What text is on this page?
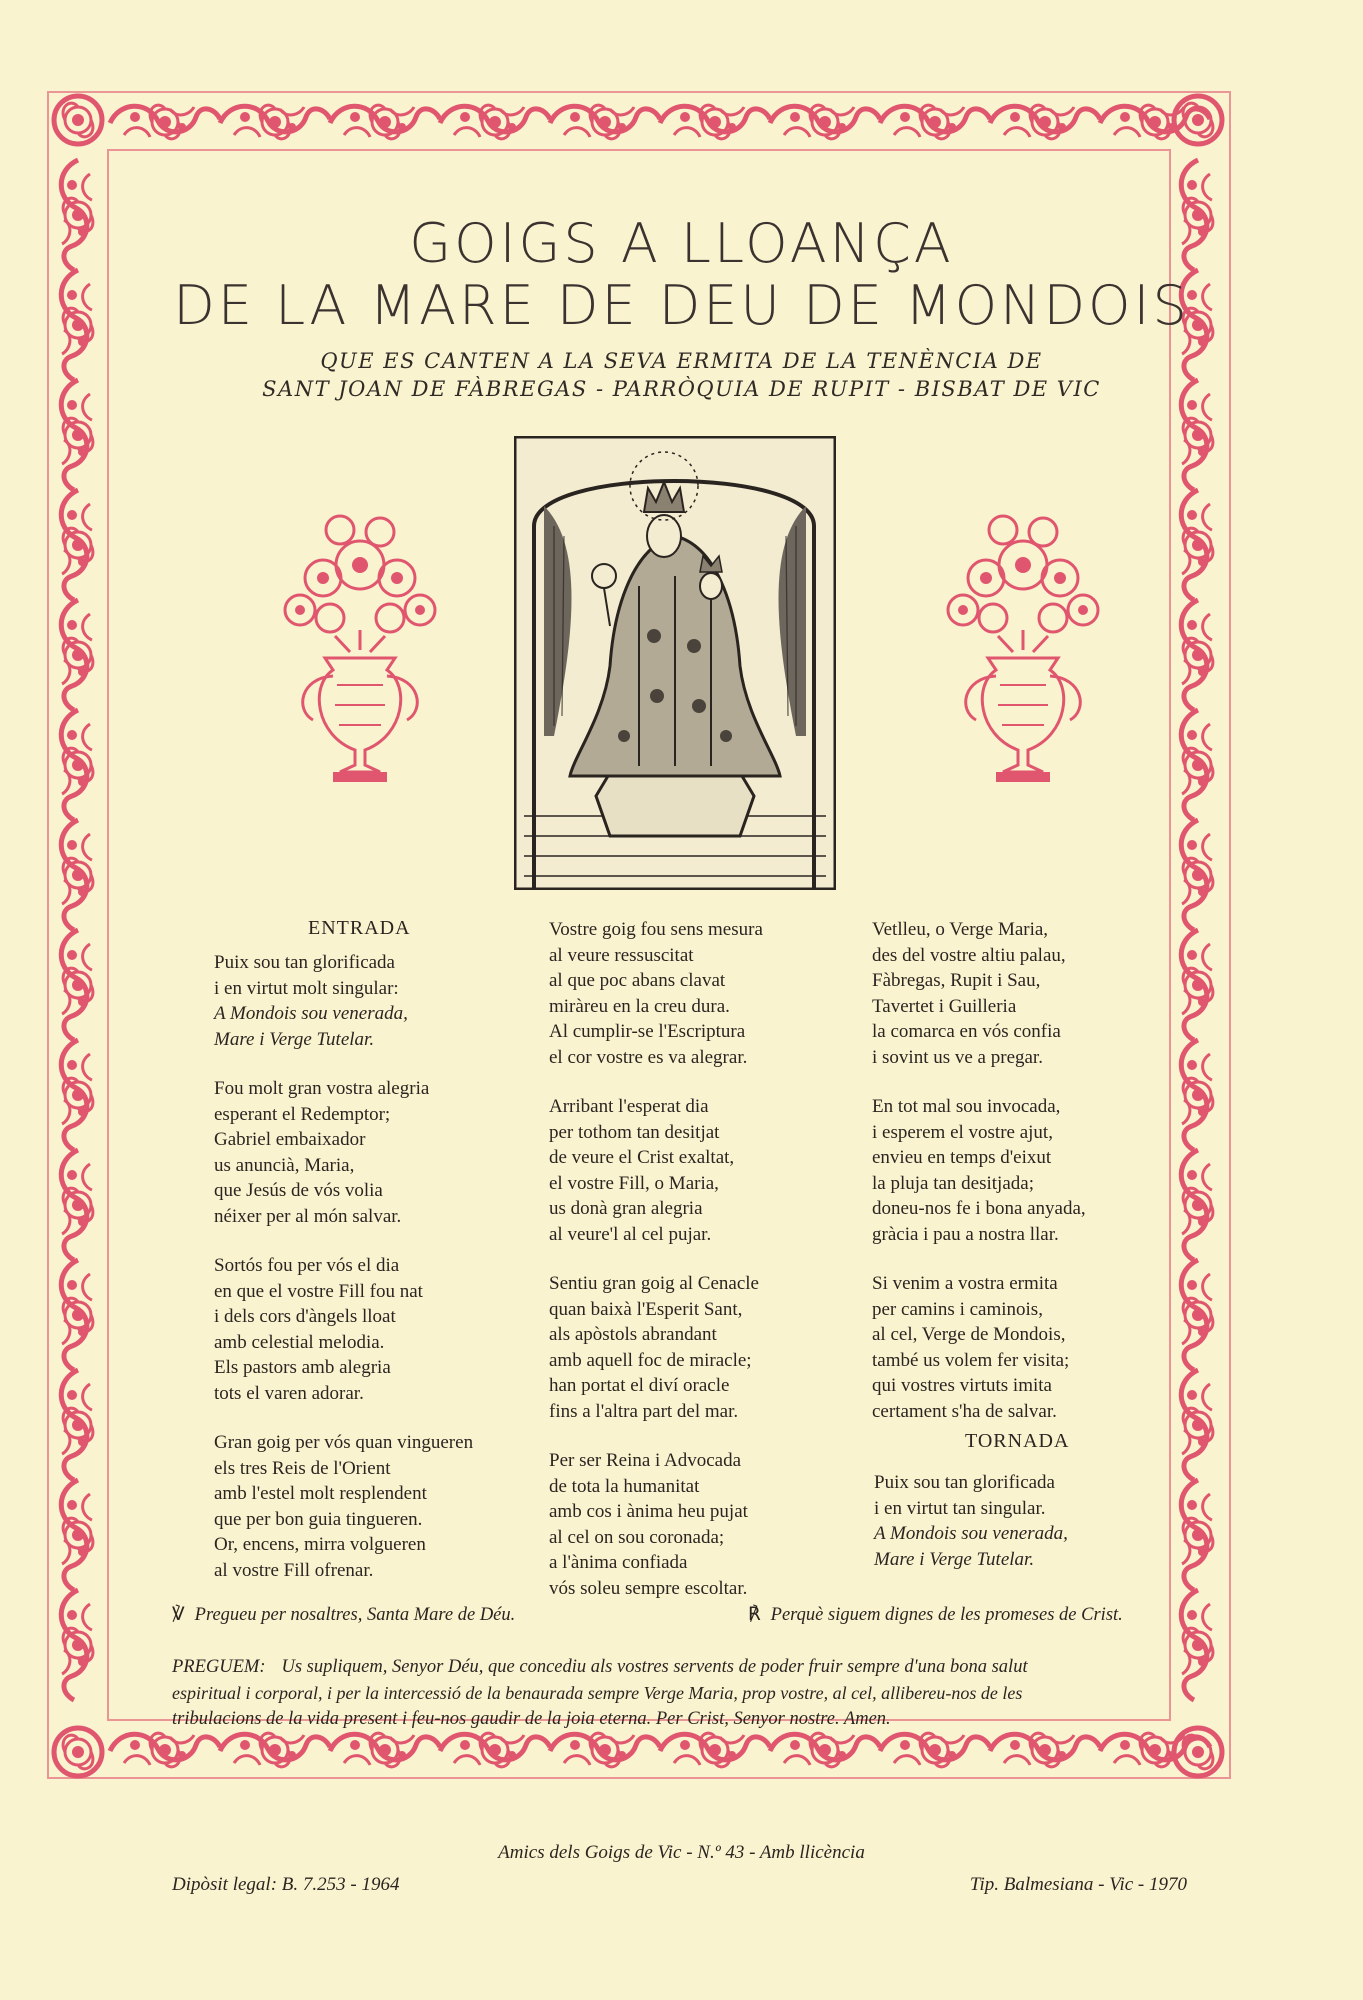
GOIGS A LLOANÇA
DE LA MARE DE DEU DE MONDOIS
QUE ES CANTEN A LA SEVA ERMITA DE LA TENÈNCIA DE
SANT JOAN DE FÀBREGAS - PARRÒQUIA DE RUPIT - BISBAT DE VIC
ENTRADA
Puix sou tan glorificada
i en virtut molt singular:
A Mondois sou venerada,
Mare i Verge Tutelar.
Fou molt gran vostra alegria
esperant el Redemptor;
Gabriel embaixador
us anuncià, Maria,
que Jesús de vós volia
néixer per al món salvar.
Sortós fou per vós el dia
en que el vostre Fill fou nat
i dels cors d'àngels lloat
amb celestial melodia.
Els pastors amb alegria
tots el varen adorar.
Gran goig per vós quan vingueren
els tres Reis de l'Orient
amb l'estel molt resplendent
que per bon guia tingueren.
Or, encens, mirra volgueren
al vostre Fill ofrenar.
Vostre goig fou sens mesura
al veure ressuscitat
al que poc abans clavat
miràreu en la creu dura.
Al cumplir-se l'Escriptura
el cor vostre es va alegrar.
Arribant l'esperat dia
per tothom tan desitjat
de veure el Crist exaltat,
el vostre Fill, o Maria,
us donà gran alegria
al veure'l al cel pujar.
Sentiu gran goig al Cenacle
quan baixà l'Esperit Sant,
als apòstols abrandant
amb aquell foc de miracle;
han portat el diví oracle
fins a l'altra part del mar.
Per ser Reina i Advocada
de tota la humanitat
amb cos i ànima heu pujat
al cel on sou coronada;
a l'ànima confiada
vós soleu sempre escoltar.
Vetlleu, o Verge Maria,
des del vostre altiu palau,
Fàbregas, Rupit i Sau,
Tavertet i Guilleria
la comarca en vós confia
i sovint us ve a pregar.
En tot mal sou invocada,
i esperem el vostre ajut,
envieu en temps d'eixut
la pluja tan desitjada;
doneu-nos fe i bona anyada,
gràcia i pau a nostra llar.
Si venim a vostra ermita
per camins i caminois,
al cel, Verge de Mondois,
també us volem fer visita;
qui vostres virtuts imita
certament s'ha de salvar.
TORNADA
Puix sou tan glorificada
i en virtut tan singular.
A Mondois sou venerada,
Mare i Verge Tutelar.
℣ Pregueu per nosaltres, Santa Mare de Déu.	℟ Perquè siguem dignes de les promeses de Crist.
PREGUEM: Us supliquem, Senyor Déu, que concediu als vostres servents de poder fruir sempre d'una bona salut
espiritual i corporal, i per la intercessió de la benaurada sempre Verge Maria, prop vostre, al cel, allibereu-nos de les
tribulacions de la vida present i feu-nos gaudir de la joia eterna. Per Crist, Senyor nostre. Amen.
Amics dels Goigs de Vic - N.º 43 - Amb llicència
Dipòsit legal: B. 7.253 - 1964	Tip. Balmesiana - Vic - 1970
